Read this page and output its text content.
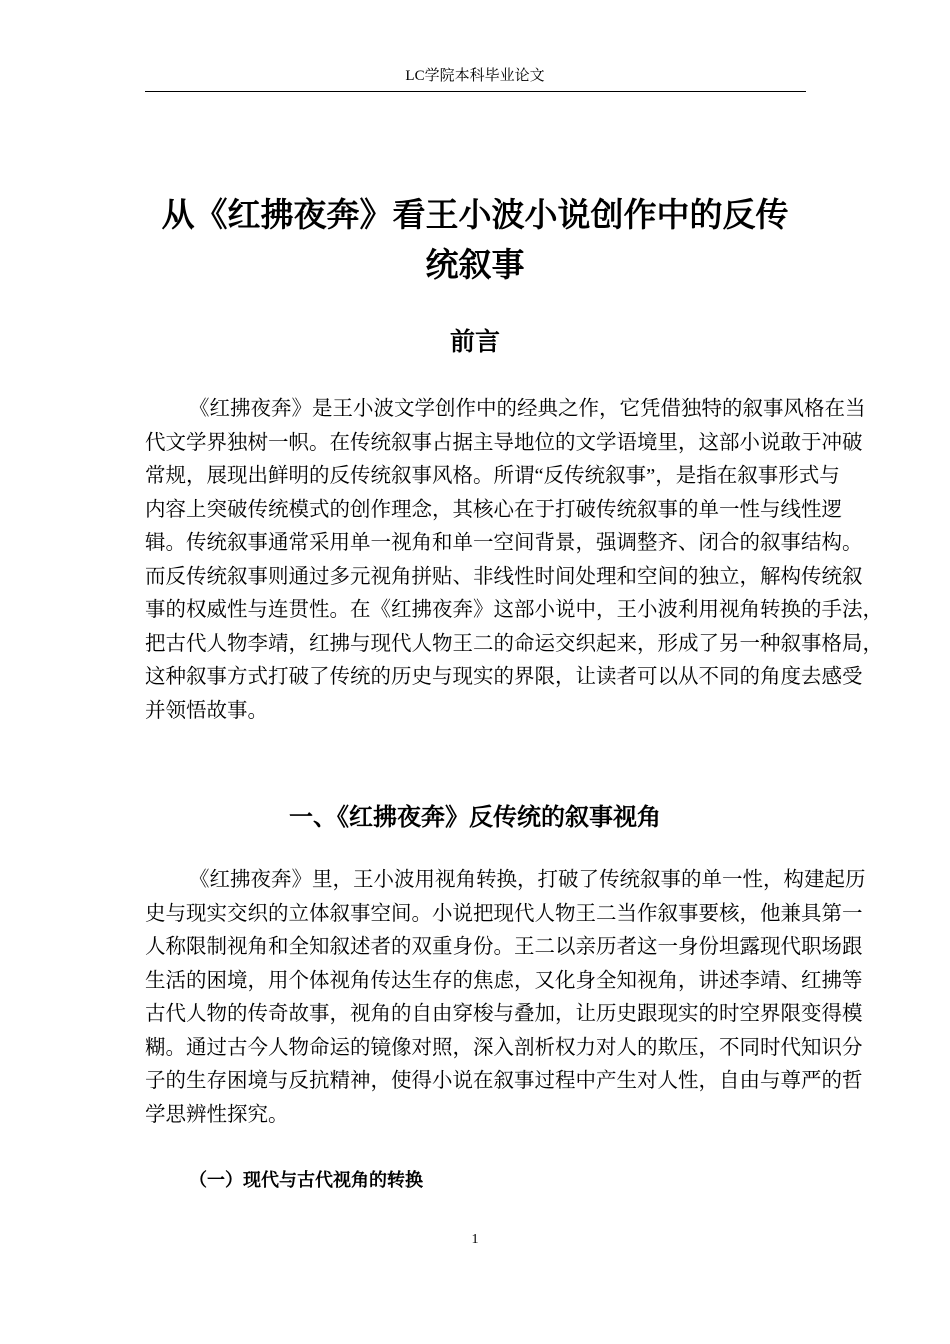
LC学院本科毕业论文
从《红拂夜奔》看王小波小说创作中的反传
统叙事
前言
《红拂夜奔》是王小波文学创作中的经典之作，它凭借独特的叙事风格在当
代文学界独树一帜。在传统叙事占据主导地位的文学语境里，这部小说敢于冲破
常规，展现出鲜明的反传统叙事风格。所谓“反传统叙事”，是指在叙事形式与
内容上突破传统模式的创作理念，其核心在于打破传统叙事的单一性与线性逻
辑。传统叙事通常采用单一视角和单一空间背景，强调整齐、闭合的叙事结构。
而反传统叙事则通过多元视角拼贴、非线性时间处理和空间的独立，解构传统叙
事的权威性与连贯性。在《红拂夜奔》这部小说中，王小波利用视角转换的手法，
把古代人物李靖，红拂与现代人物王二的命运交织起来，形成了另一种叙事格局，
这种叙事方式打破了传统的历史与现实的界限，让读者可以从不同的角度去感受
并领悟故事。
一、《红拂夜奔》反传统的叙事视角
《红拂夜奔》里，王小波用视角转换，打破了传统叙事的单一性，构建起历
史与现实交织的立体叙事空间。小说把现代人物王二当作叙事要核，他兼具第一
人称限制视角和全知叙述者的双重身份。王二以亲历者这一身份坦露现代职场跟
生活的困境，用个体视角传达生存的焦虑，又化身全知视角，讲述李靖、红拂等
古代人物的传奇故事，视角的自由穿梭与叠加，让历史跟现实的时空界限变得模
糊。通过古今人物命运的镜像对照，深入剖析权力对人的欺压，不同时代知识分
子的生存困境与反抗精神，使得小说在叙事过程中产生对人性，自由与尊严的哲
学思辨性探究。
（一）现代与古代视角的转换
1
